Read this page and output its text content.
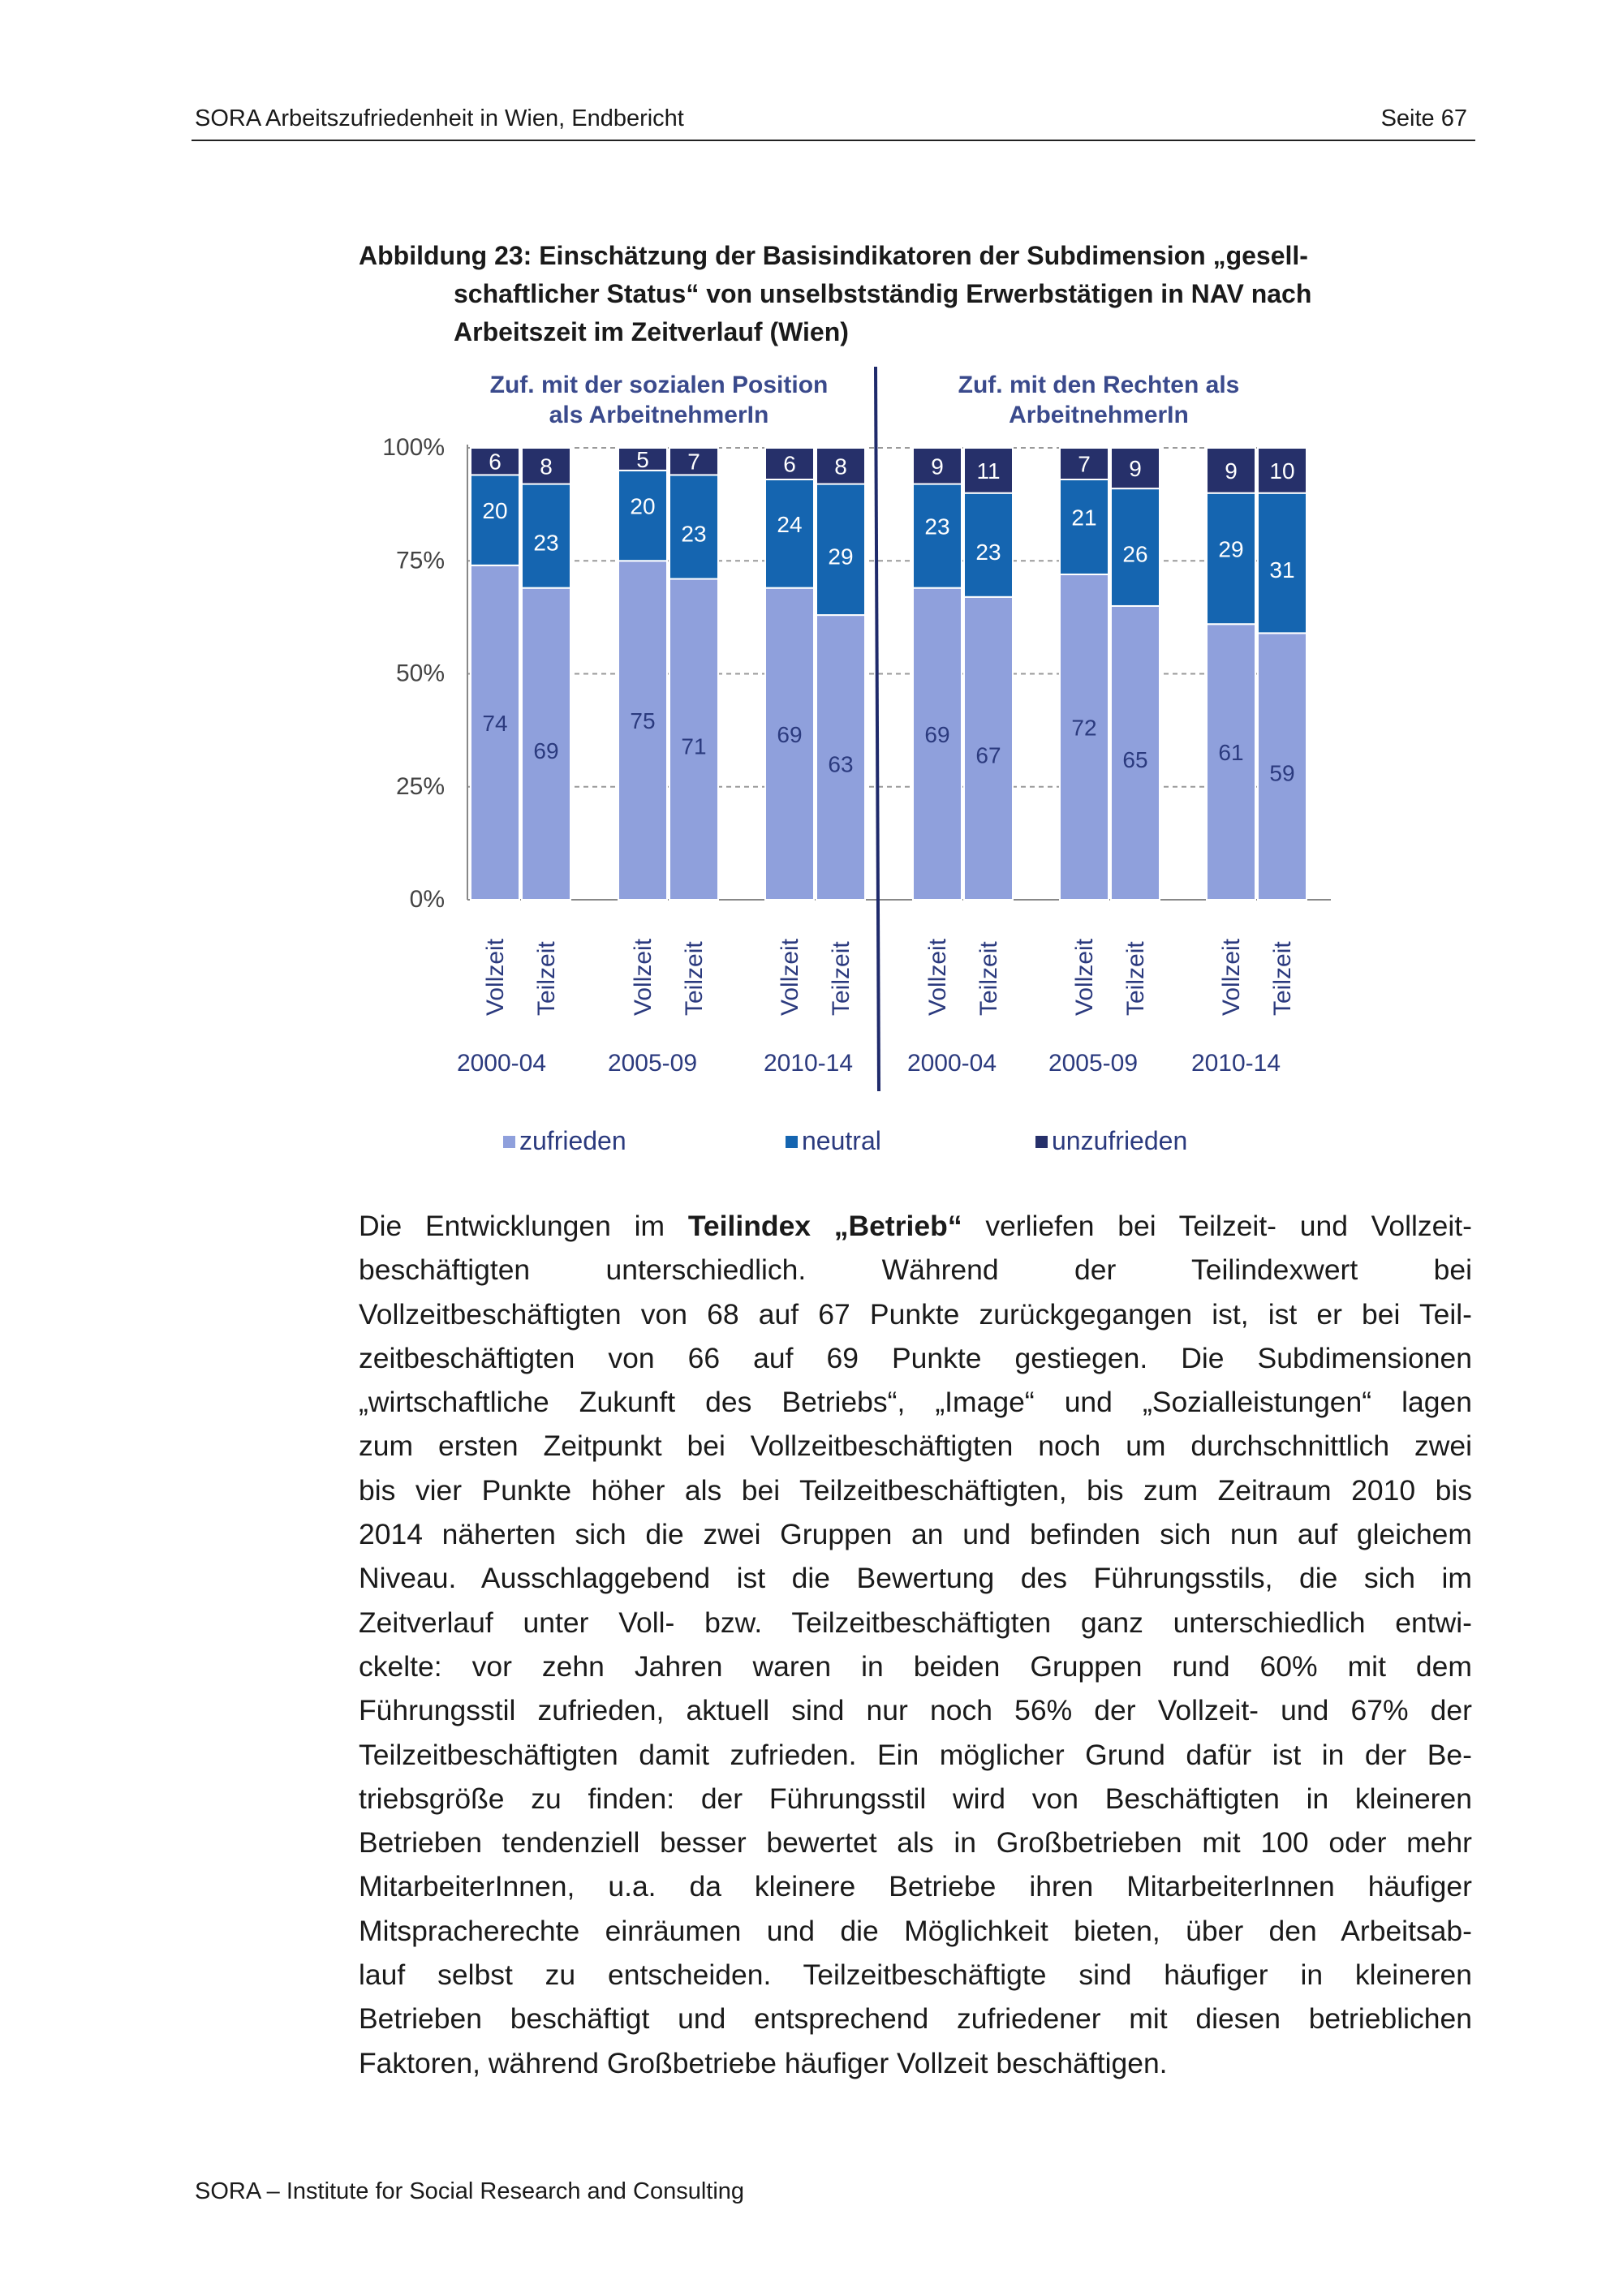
SORA Arbeitszufriedenheit in Wien, Endbericht	Seite 67
Abbildung 23: Einschätzung der Basisindikatoren der Subdimension „gesell-
schaftlicher Status“ von unselbstständig Erwerbstätigen in NAV nach
Arbeitszeit im Zeitverlauf (Wien)
100%
75%
50%
25%
0%
74
20
6
Vollzeit
69
23
8
Teilzeit
75
20
5
Vollzeit
71
23
7
Teilzeit
69
24
6
Vollzeit
63
29
8
Teilzeit
69
23
9
Vollzeit
67
23
11
Teilzeit
72
21
7
Vollzeit
65
26
9
Teilzeit
61
29
9
Vollzeit
59
31
10
Teilzeit
2000-04	2005-09	2010-14 2000-04 2005-09 2010-14
Zuf. mit der sozialen Position
als ArbeitnehmerIn
Zuf. mit den Rechten als
ArbeitnehmerIn
zufrieden	neutral	unzufrieden
Die Entwicklungen im Teilindex „Betrieb“ verliefen bei Teilzeit- und Vollzeit-
beschäftigten unterschiedlich. Während der Teilindexwert bei
Vollzeitbeschäftigten von 68 auf 67 Punkte zurückgegangen ist, ist er bei Teil-
zeitbeschäftigten von 66 auf 69 Punkte gestiegen. Die Subdimensionen
„wirtschaftliche Zukunft des Betriebs“, „Image“ und „Sozialleistungen“ lagen
zum ersten Zeitpunkt bei Vollzeitbeschäftigten noch um durchschnittlich zwei
bis vier Punkte höher als bei Teilzeitbeschäftigten, bis zum Zeitraum 2010 bis
2014 näherten sich die zwei Gruppen an und befinden sich nun auf gleichem
Niveau. Ausschlaggebend ist die Bewertung des Führungsstils, die sich im
Zeitverlauf unter Voll- bzw. Teilzeitbeschäftigten ganz unterschiedlich entwi-
ckelte: vor zehn Jahren waren in beiden Gruppen rund 60% mit dem
Führungsstil zufrieden, aktuell sind nur noch 56% der Vollzeit- und 67% der
Teilzeitbeschäftigten damit zufrieden. Ein möglicher Grund dafür ist in der Be-
triebsgröße zu finden: der Führungsstil wird von Beschäftigten in kleineren
Betrieben tendenziell besser bewertet als in Großbetrieben mit 100 oder mehr
MitarbeiterInnen, u.a. da kleinere Betriebe ihren MitarbeiterInnen häufiger
Mitspracherechte einräumen und die Möglichkeit bieten, über den Arbeitsab-
lauf selbst zu entscheiden. Teilzeitbeschäftigte sind häufiger in kleineren
Betrieben beschäftigt und entsprechend zufriedener mit diesen betrieblichen
Faktoren, während Großbetriebe häufiger Vollzeit beschäftigen.
SORA – Institute for Social Research and Consulting
